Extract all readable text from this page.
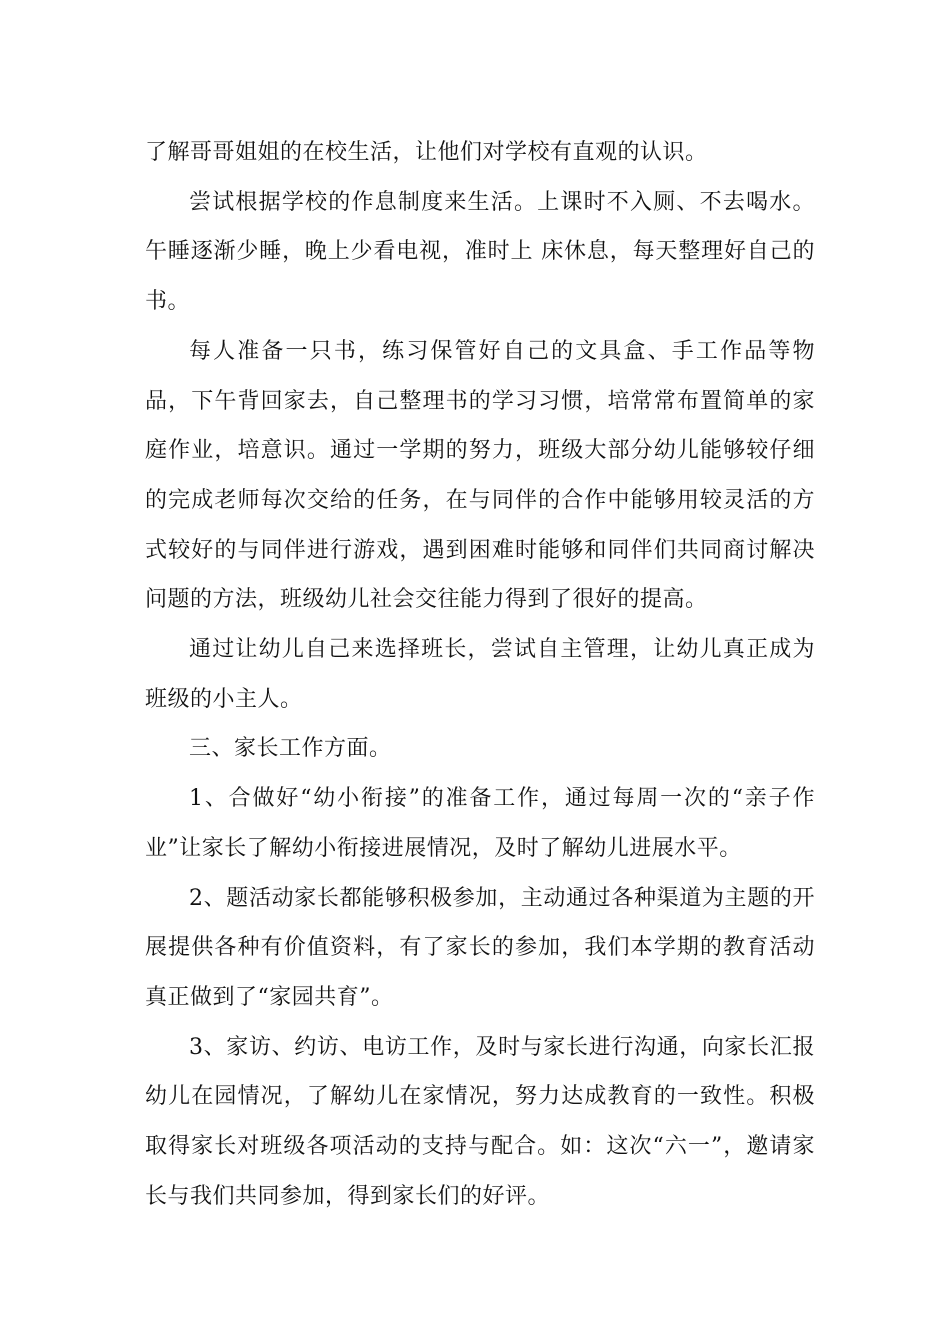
了解哥哥姐姐的在校生活，让他们对学校有直观的认识。

尝试根据学校的作息制度来生活。上课时不入厕、不去喝水。午睡逐渐少睡，晚上少看电视，准时上 床休息，每天整理好自己的书。

每人准备一只书，练习保管好自己的文具盒、手工作品等物品，下午背回家去，自己整理书的学习习惯，培常常布置简单的家庭作业，培意识。通过一学期的努力，班级大部分幼儿能够较仔细的完成老师每次交给的任务，在与同伴的合作中能够用较灵活的方式较好的与同伴进行游戏，遇到困难时能够和同伴们共同商讨解决问题的方法，班级幼儿社会交往能力得到了很好的提高。

通过让幼儿自己来选择班长，尝试自主管理，让幼儿真正成为班级的小主人。

三、家长工作方面。

1、合做好“幼小衔接”的准备工作，通过每周一次的“亲子作业”让家长了解幼小衔接进展情况，及时了解幼儿进展水平。

2、题活动家长都能够积极参加，主动通过各种渠道为主题的开展提供各种有价值资料，有了家长的参加，我们本学期的教育活动真正做到了“家园共育”。

3、家访、约访、电访工作，及时与家长进行沟通，向家长汇报幼儿在园情况，了解幼儿在家情况，努力达成教育的一致性。积极取得家长对班级各项活动的支持与配合。如：这次“六一”，邀请家长与我们共同参加，得到家长们的好评。
